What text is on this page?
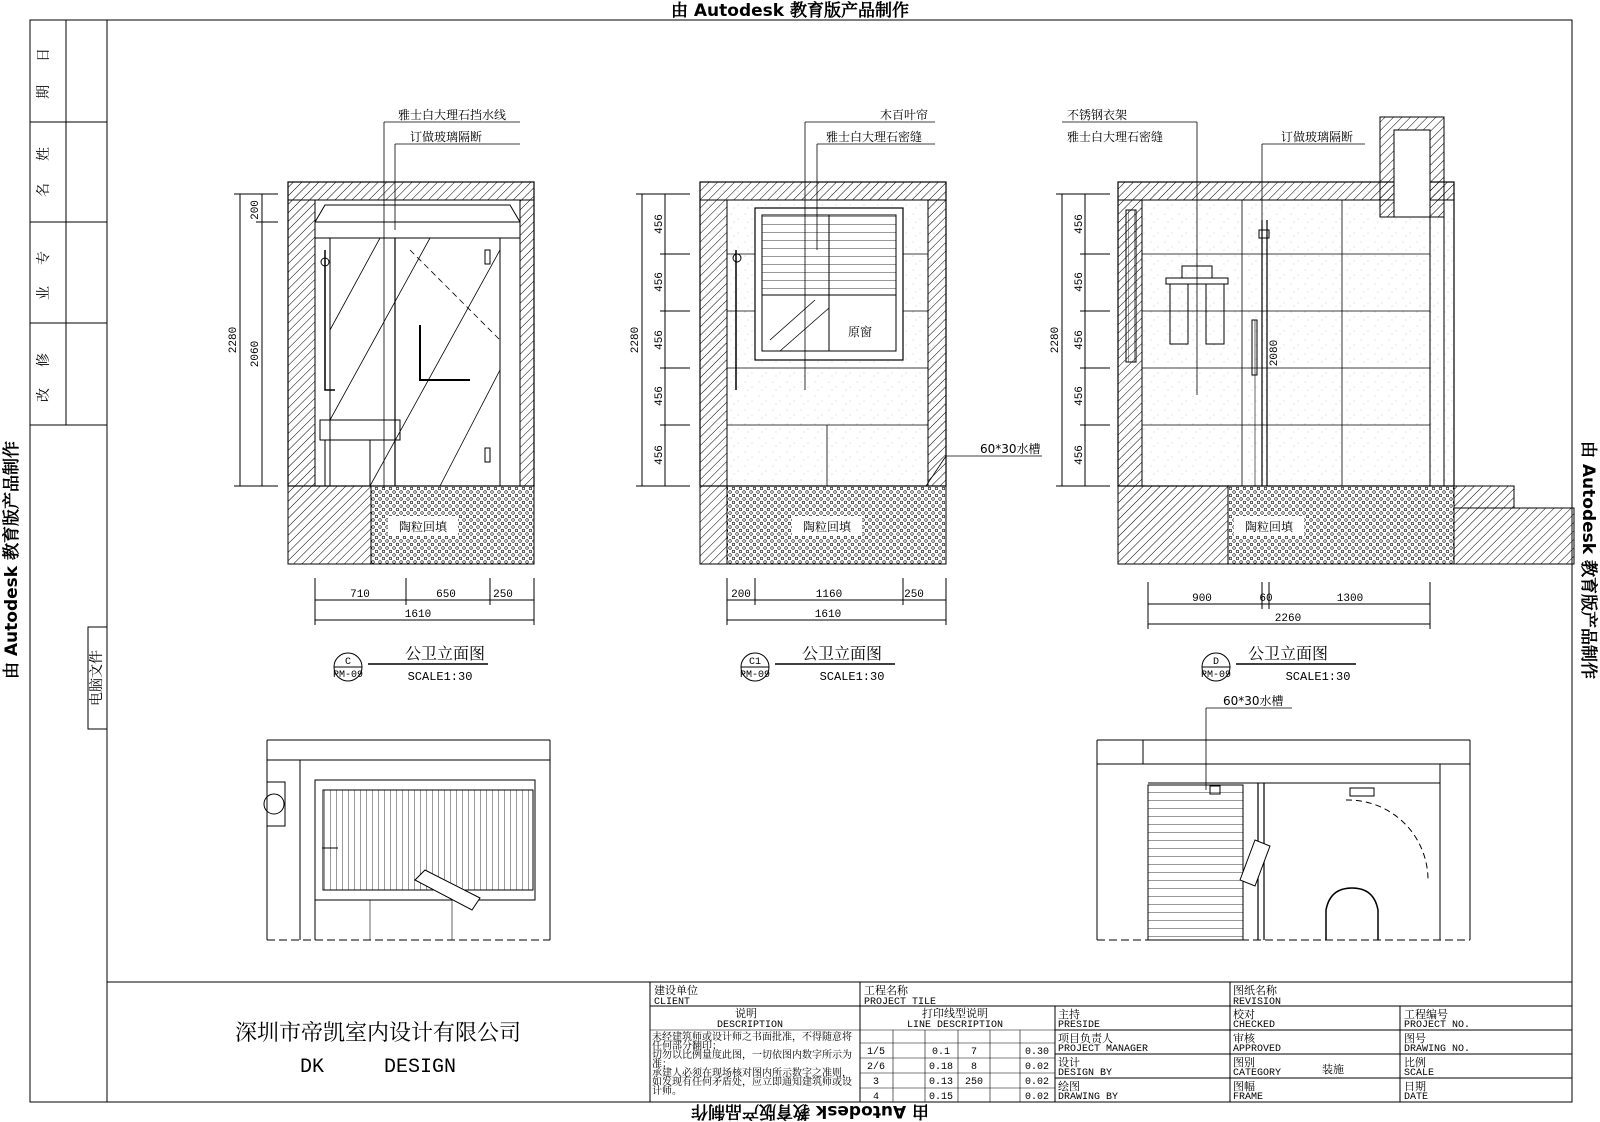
由 Autodesk 教育版产品制作
由 Autodesk 教育版产品制作
由 Autodesk 教育版产品制作	由 Autodesk 教育版产品制作
修
改
专
业
姓
名
日
期
电脑文件
陶粒回填
雅士白大理石挡水线
订做玻璃隔断
2280
2060
200
710	650	250
1610
C
PM-09
公卫立面图
SCALE1:30
原窗
陶粒回填
木百叶帘
雅士白大理石密缝
60*30水槽
2280
456
456
456
456
456
200	1160	250
1610
C1
PM-09
公卫立面图
SCALE1:30
陶粒回填
不锈钢衣架
雅士白大理石密缝	订做玻璃隔断
2280
456
456
456
456
456
2080
900	60	1300
2260
D
PM-09
公卫立面图
SCALE1:30
60*30水槽
深圳市帝凯室内设计有限公司
DK     DESIGN
建设单位
CLIENT
工程名称
PROJECT TILE
图纸名称
REVISION
说明
DESCRIPTION
未经建筑师或设计师之书面批准，不得随意将
任何部分翻印；
切勿以比例量度此图，一切依图内数字所示为
准；
承建人必须在现场核对图内所示数字之准则，
如发现有任何矛盾处，应立即通知建筑师或设
计师。
打印线型说明
LINE DESCRIPTION
1/5	0.1 7	0.30
2/6	0.18 8	0.02
3	0.13 250	0.02
4	0.15	0.02
主持
PRESIDE
项目负责人
PROJECT MANAGER
设计
DESIGN BY
绘图
DRAWING BY
校对
CHECKED
审核
APPROVED
图别
CATEGORY	装施
图幅
FRAME
工程编号
PROJECT NO.
图号
DRAWING NO.
比例
SCALE
日期
DATE
